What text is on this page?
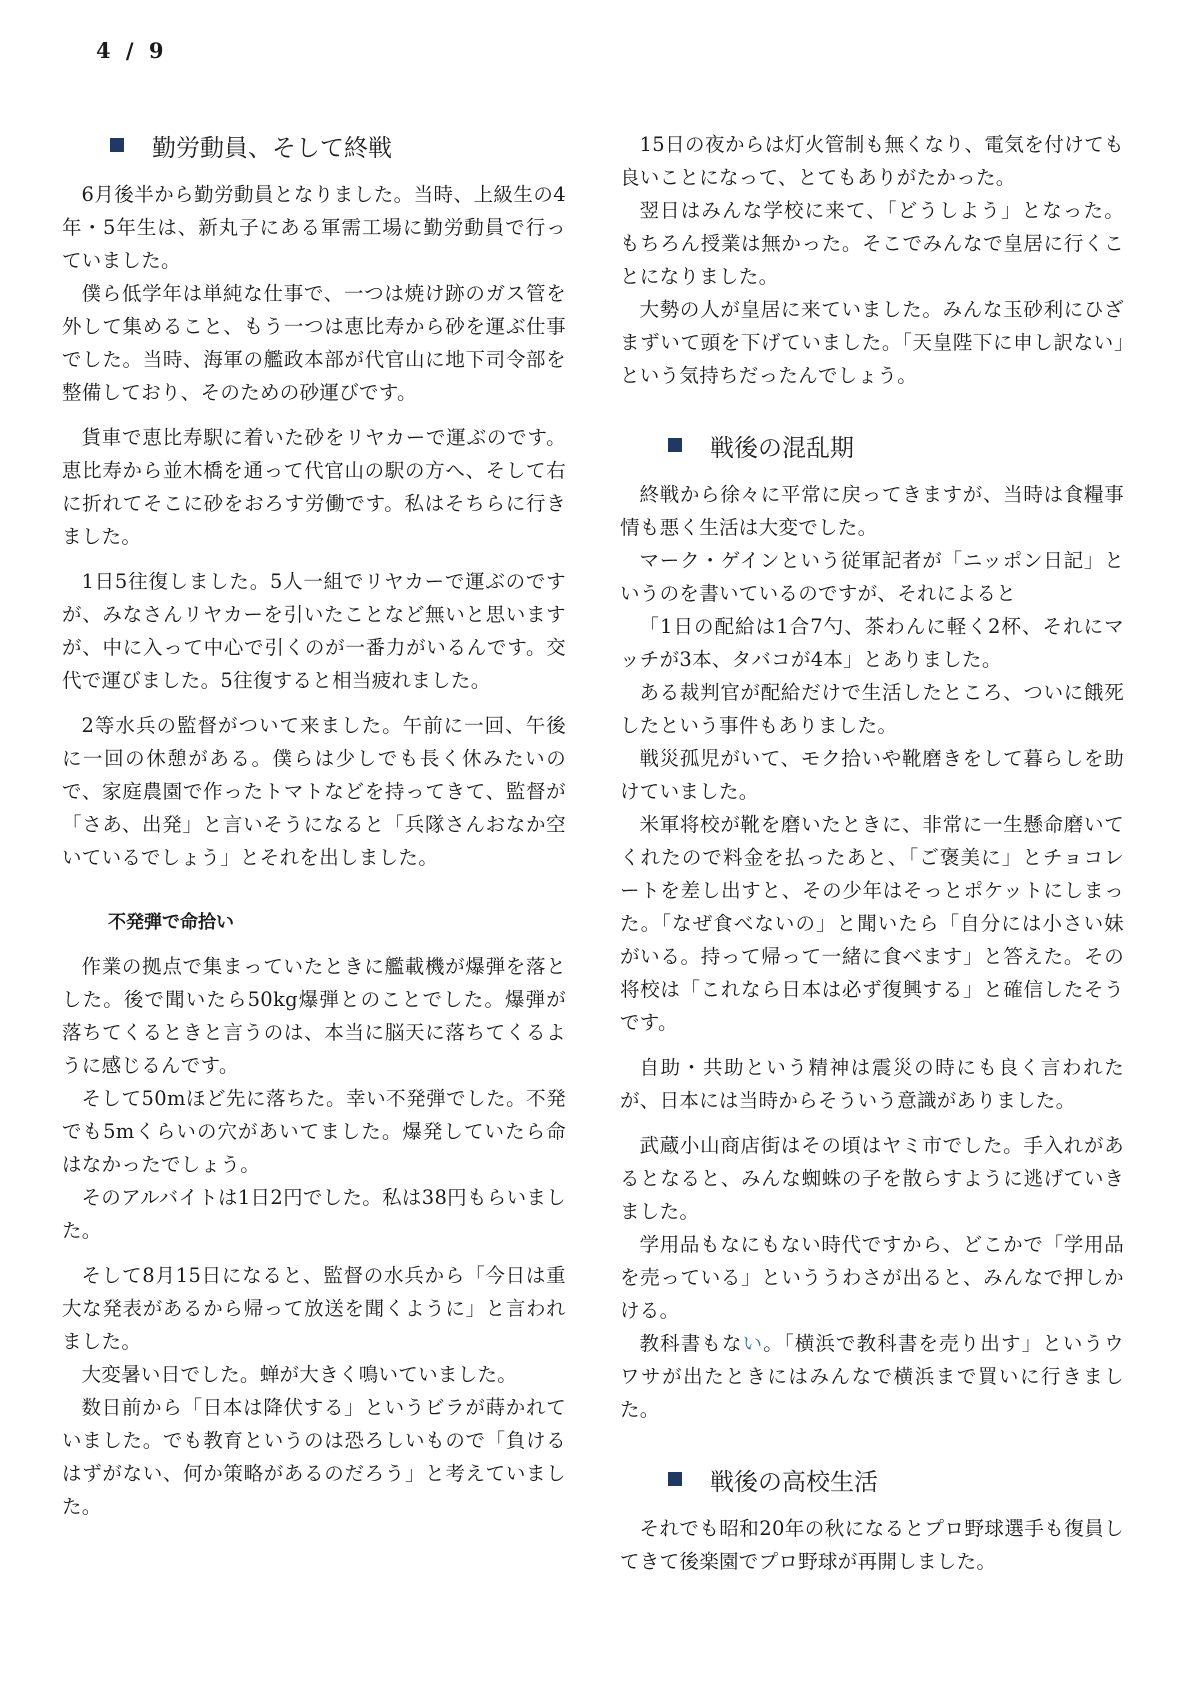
4 / 9
勤労動員、そして終戦

6月後半から勤労動員となりました。当時、上級生の4年・5年生は、新丸子にある軍需工場に勤労動員で行っていました。

僕ら低学年は単純な仕事で、一つは焼け跡のガス管を外して集めること、もう一つは恵比寿から砂を運ぶ仕事でした。当時、海軍の艦政本部が代官山に地下司令部を整備しており、そのための砂運びです。

貨車で恵比寿駅に着いた砂をリヤカーで運ぶのです。恵比寿から並木橋を通って代官山の駅の方へ、そして右に折れてそこに砂をおろす労働です。私はそちらに行きました。

1日5往復しました。5人一組でリヤカーで運ぶのですが、みなさんリヤカーを引いたことなど無いと思いますが、中に入って中心で引くのが一番力がいるんです。交代で運びました。5往復すると相当疲れました。

2等水兵の監督がついて来ました。午前に一回、午後に一回の休憩がある。僕らは少しでも長く休みたいので、家庭農園で作ったトマトなどを持ってきて、監督が「さあ、出発」と言いそうになると「兵隊さんおなか空いているでしょう」とそれを出しました。

不発弾で命拾い

作業の拠点で集まっていたときに艦載機が爆弾を落とした。後で聞いたら50kg爆弾とのことでした。爆弾が落ちてくるときと言うのは、本当に脳天に落ちてくるように感じるんです。

そして50mほど先に落ちた。幸い不発弾でした。不発でも5mくらいの穴があいてました。爆発していたら命はなかったでしょう。

そのアルバイトは1日2円でした。私は38円もらいました。

そして8月15日になると、監督の水兵から「今日は重大な発表があるから帰って放送を聞くように」と言われました。

大変暑い日でした。蝉が大きく鳴いていました。

数日前から「日本は降伏する」というビラが蒔かれていました。でも教育というのは恐ろしいもので「負けるはずがない、何か策略があるのだろう」と考えていました。

15日の夜からは灯火管制も無くなり、電気を付けても良いことになって、とてもありがたかった。

翌日はみんな学校に来て、「どうしよう」となった。もちろん授業は無かった。そこでみんなで皇居に行くことになりました。

大勢の人が皇居に来ていました。みんな玉砂利にひざまずいて頭を下げていました。「天皇陛下に申し訳ない」という気持ちだったんでしょう。

戦後の混乱期

終戦から徐々に平常に戻ってきますが、当時は食糧事情も悪く生活は大変でした。

マーク・ゲインという従軍記者が「ニッポン日記」というのを書いているのですが、それによると

「1日の配給は1合7勺、茶わんに軽く2杯、それにマッチが3本、タバコが4本」とありました。

ある裁判官が配給だけで生活したところ、ついに餓死したという事件もありました。

戦災孤児がいて、モク拾いや靴磨きをして暮らしを助けていました。

米軍将校が靴を磨いたときに、非常に一生懸命磨いてくれたので料金を払ったあと、「ご褒美に」とチョコレートを差し出すと、その少年はそっとポケットにしまった。「なぜ食べないの」と聞いたら「自分には小さい妹がいる。持って帰って一緒に食べます」と答えた。その将校は「これなら日本は必ず復興する」と確信したそうです。

自助・共助という精神は震災の時にも良く言われたが、日本には当時からそういう意識がありました。

武蔵小山商店街はその頃はヤミ市でした。手入れがあるとなると、みんな蜘蛛の子を散らすように逃げていきました。

学用品もなにもない時代ですから、どこかで「学用品を売っている」といううわさが出ると、みんなで押しかける。

教科書もない。「横浜で教科書を売り出す」というウワサが出たときにはみんなで横浜まで買いに行きました。

戦後の高校生活

それでも昭和20年の秋になるとプロ野球選手も復員してきて後楽園でプロ野球が再開しました。
